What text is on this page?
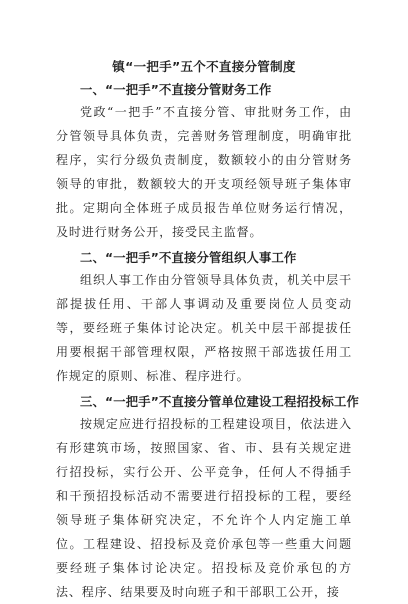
镇“一把手”五个不直接分管制度
一、“一把手”不直接分管财务工作

党政“一把手”不直接分管、审批财务工作，由分管领导具体负责，完善财务管理制度，明确审批程序，实行分级负责制度，数额较小的由分管财务领导的审批，数额较大的开支项经领导班子集体审批。定期向全体班子成员报告单位财务运行情况，及时进行财务公开，接受民主监督。

二、“一把手”不直接分管组织人事工作

组织人事工作由分管领导具体负责，机关中层干部提拔任用、干部人事调动及重要岗位人员变动等，要经班子集体讨论决定。机关中层干部提拔任用要根据干部管理权限，严格按照干部选拔任用工作规定的原则、标准、程序进行。

三、“一把手”不直接分管单位建设工程招投标工作

按规定应进行招投标的工程建设项目，依法进入有形建筑市场，按照国家、省、市、县有关规定进行招投标，实行公开、公平竞争，任何人不得插手和干预招投标活动不需要进行招投标的工程，要经领导班子集体研究决定，不允许个人内定施工单位。工程建设、招投标及竞价承包等一些重大问题要经班子集体讨论决定。招投标及竞价承包的方法、程序、结果要及时向班子和干部职工公开，接
